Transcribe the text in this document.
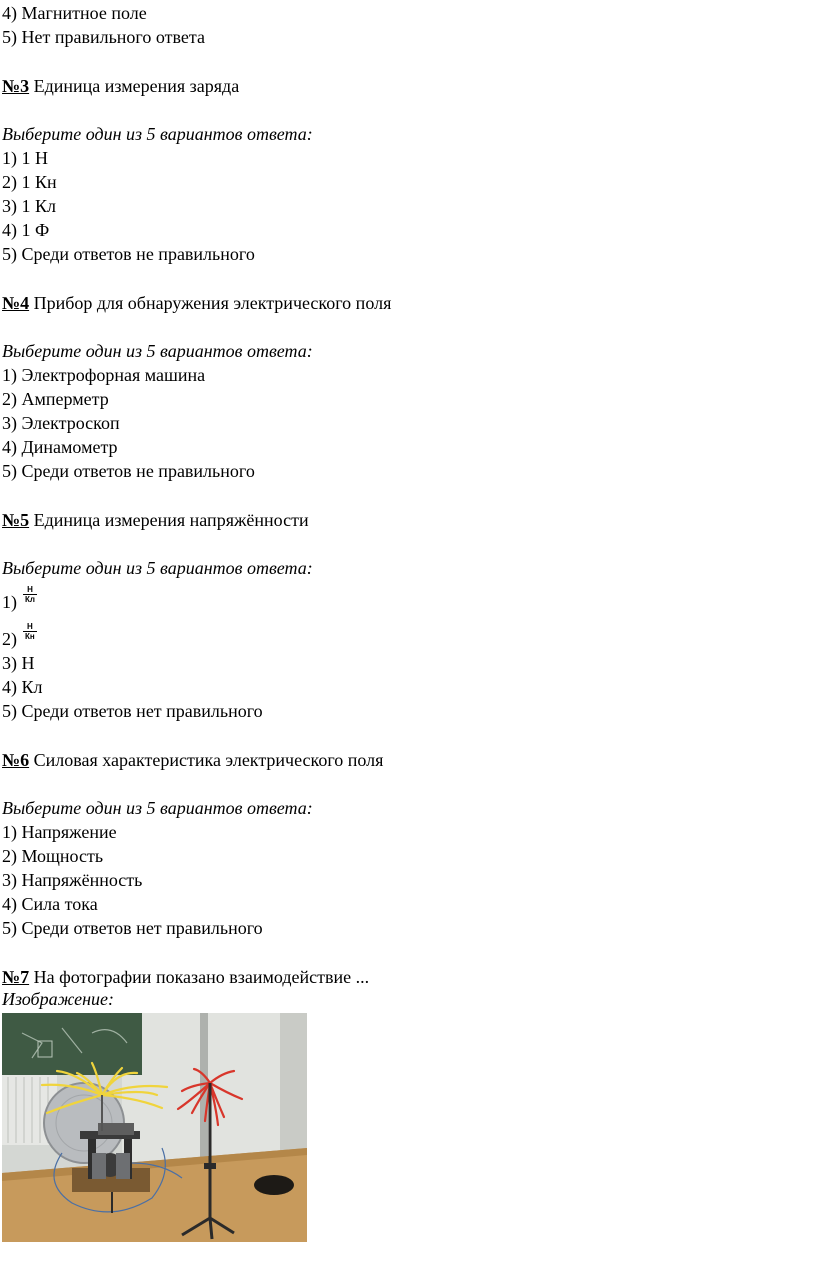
4) Магнитное поле
5) Нет правильного ответа
№3 Единица измерения заряда
Выберите один из 5 вариантов ответа:
1) 1 Н
2) 1 Кн
3) 1 Кл
4) 1 Ф
5) Среди ответов не правильного
№4 Прибор для обнаружения электрического поля
Выберите один из 5 вариантов ответа:
1) Электрофорная машина
2) Амперметр
3) Электроскоп
4) Динамометр
5) Среди ответов не правильного
№5 Единица измерения напряжённости
Выберите один из 5 вариантов ответа:
$1) \frac{Н}{Кл}$
$2) \frac{Н}{Кн}$
3) Н
4) Кл
5) Среди ответов нет правильного
№6 Силовая характеристика электрического поля
Выберите один из 5 вариантов ответа:
1) Напряжение
2) Мощность
3) Напряжённость
4) Сила тока
5) Среди ответов нет правильного
№7 На фотографии показано взаимодействие ...
Изображение:
